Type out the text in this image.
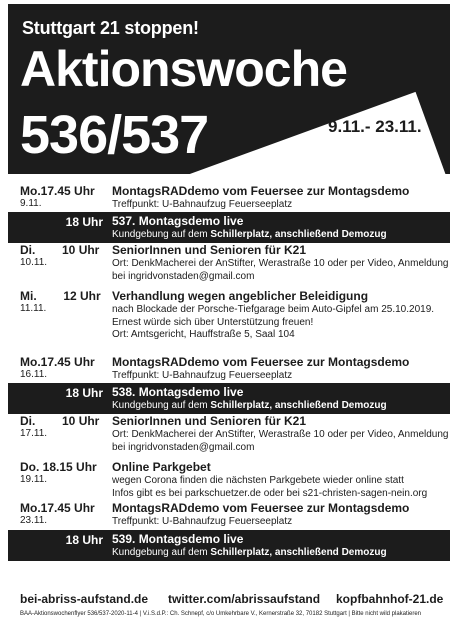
Stuttgart 21 stoppen!
Aktionswoche
536/537	9.11.- 23.11.
Mo.17.45 Uhr
9.11.
MontagsRADdemo vom Feuersee zur Montagsdemo
Treffpunkt: U-Bahnaufzug Feuerseeplatz
18 Uhr 537. Montagsdemo live
Kundgebung auf dem Schillerplatz, anschließend Demozug
Di.        10 Uhr
10.11.
SeniorInnen und Senioren für K21
Ort: DenkMacherei der AnStifter, Werastraße 10 oder per Video, Anmeldung
bei ingridvonstaden@gmail.com
Mi.        12 Uhr
11.11.
Verhandlung wegen angeblicher Beleidigung
nach Blockade der Porsche-Tiefgarage beim Auto-Gipfel am 25.10.2019.
Ernest würde sich über Unterstützung freuen!
Ort: Amtsgericht, Hauffstraße 5, Saal 104
Mo.17.45 Uhr
16.11.
MontagsRADdemo vom Feuersee zur Montagsdemo
Treffpunkt: U-Bahnaufzug Feuerseeplatz
18 Uhr 538. Montagsdemo live
Kundgebung auf dem Schillerplatz, anschließend Demozug
Di.        10 Uhr
17.11.
SeniorInnen und Senioren für K21
Ort: DenkMacherei der AnStifter, Werastraße 10 oder per Video, Anmeldung
bei ingridvonstaden@gmail.com
Do. 18.15 Uhr
19.11.
Online Parkgebet
wegen Corona finden die nächsten Parkgebete wieder online statt
Infos gibt es bei parkschuetzer.de oder bei s21-christen-sagen-nein.org
Mo.17.45 Uhr
23.11.
MontagsRADdemo vom Feuersee zur Montagsdemo
Treffpunkt: U-Bahnaufzug Feuerseeplatz
18 Uhr 539. Montagsdemo live
Kundgebung auf dem Schillerplatz, anschließend Demozug
bei-abriss-aufstand.de twitter.com/abrissaufstand kopfbahnhof-21.de
BAA-Aktionswochenflyer 536/537-2020-11-4 | V.i.S.d.P.: Ch. Schnepf, c/o Umkehrbare V., Kernerstraße 32, 70182 Stuttgart | Bitte nicht wild plakatieren
